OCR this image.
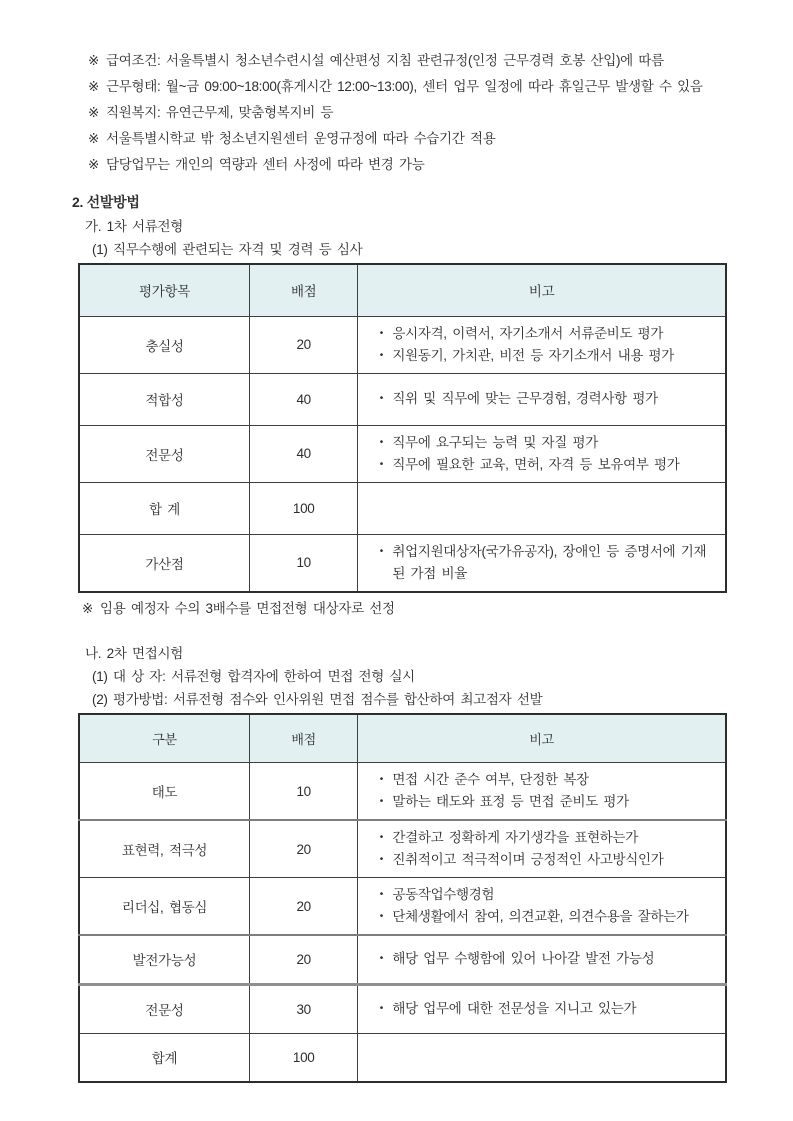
※ 급여조건: 서울특별시 청소년수련시설 예산편성 지침 관련규정(인정 근무경력 호봉 산입)에 따름
※ 근무형태: 월~금 09:00~18:00(휴게시간 12:00~13:00), 센터 업무 일정에 따라 휴일근무 발생할 수 있음
※ 직원복지: 유연근무제, 맞춤형복지비 등
※ 서울특별시학교 밖 청소년지원센터 운영규정에 따라 수습기간 적용
※ 담당업무는 개인의 역량과 센터 사정에 따라 변경 가능
2. 선발방법
가. 1차 서류전형
(1) 직무수행에 관련되는 자격 및 경력 등 심사
평가항목	배점	비고
충실성	20	• 응시자격, 이력서, 자기소개서 서류준비도 평가
• 지원동기, 가치관, 비전 등 자기소개서 내용 평가

적합성	40	• 직위 및 직무에 맞는 근무경험, 경력사항 평가

전문성	40	• 직무에 요구되는 능력 및 자질 평가
• 직무에 필요한 교육, 면허, 자격 등 보유여부 평가

합 계	100	
가산점	10	• 취업지원대상자(국가유공자), 장애인 등 증명서에 기재된 가점 비율
※ 임용 예정자 수의 3배수를 면접전형 대상자로 선정
나. 2차 면접시험
(1) 대 상 자: 서류전형 합격자에 한하여 면접 전형 실시
(2) 평가방법: 서류전형 점수와 인사위원 면접 점수를 합산하여 최고점자 선발
구분	배점	비고
태도	10	• 면접 시간 준수 여부, 단정한 복장
• 말하는 태도와 표정 등 면접 준비도 평가

표현력, 적극성	20	• 간결하고 정확하게 자기생각을 표현하는가
• 진취적이고 적극적이며 긍정적인 사고방식인가

리더십, 협동심	20	• 공동작업수행경험
• 단체생활에서 참여, 의견교환, 의견수용을 잘하는가

발전가능성	20	• 해당 업무 수행함에 있어 나아갈 발전 가능성

전문성	30	• 해당 업무에 대한 전문성을 지니고 있는가

합계	100	
